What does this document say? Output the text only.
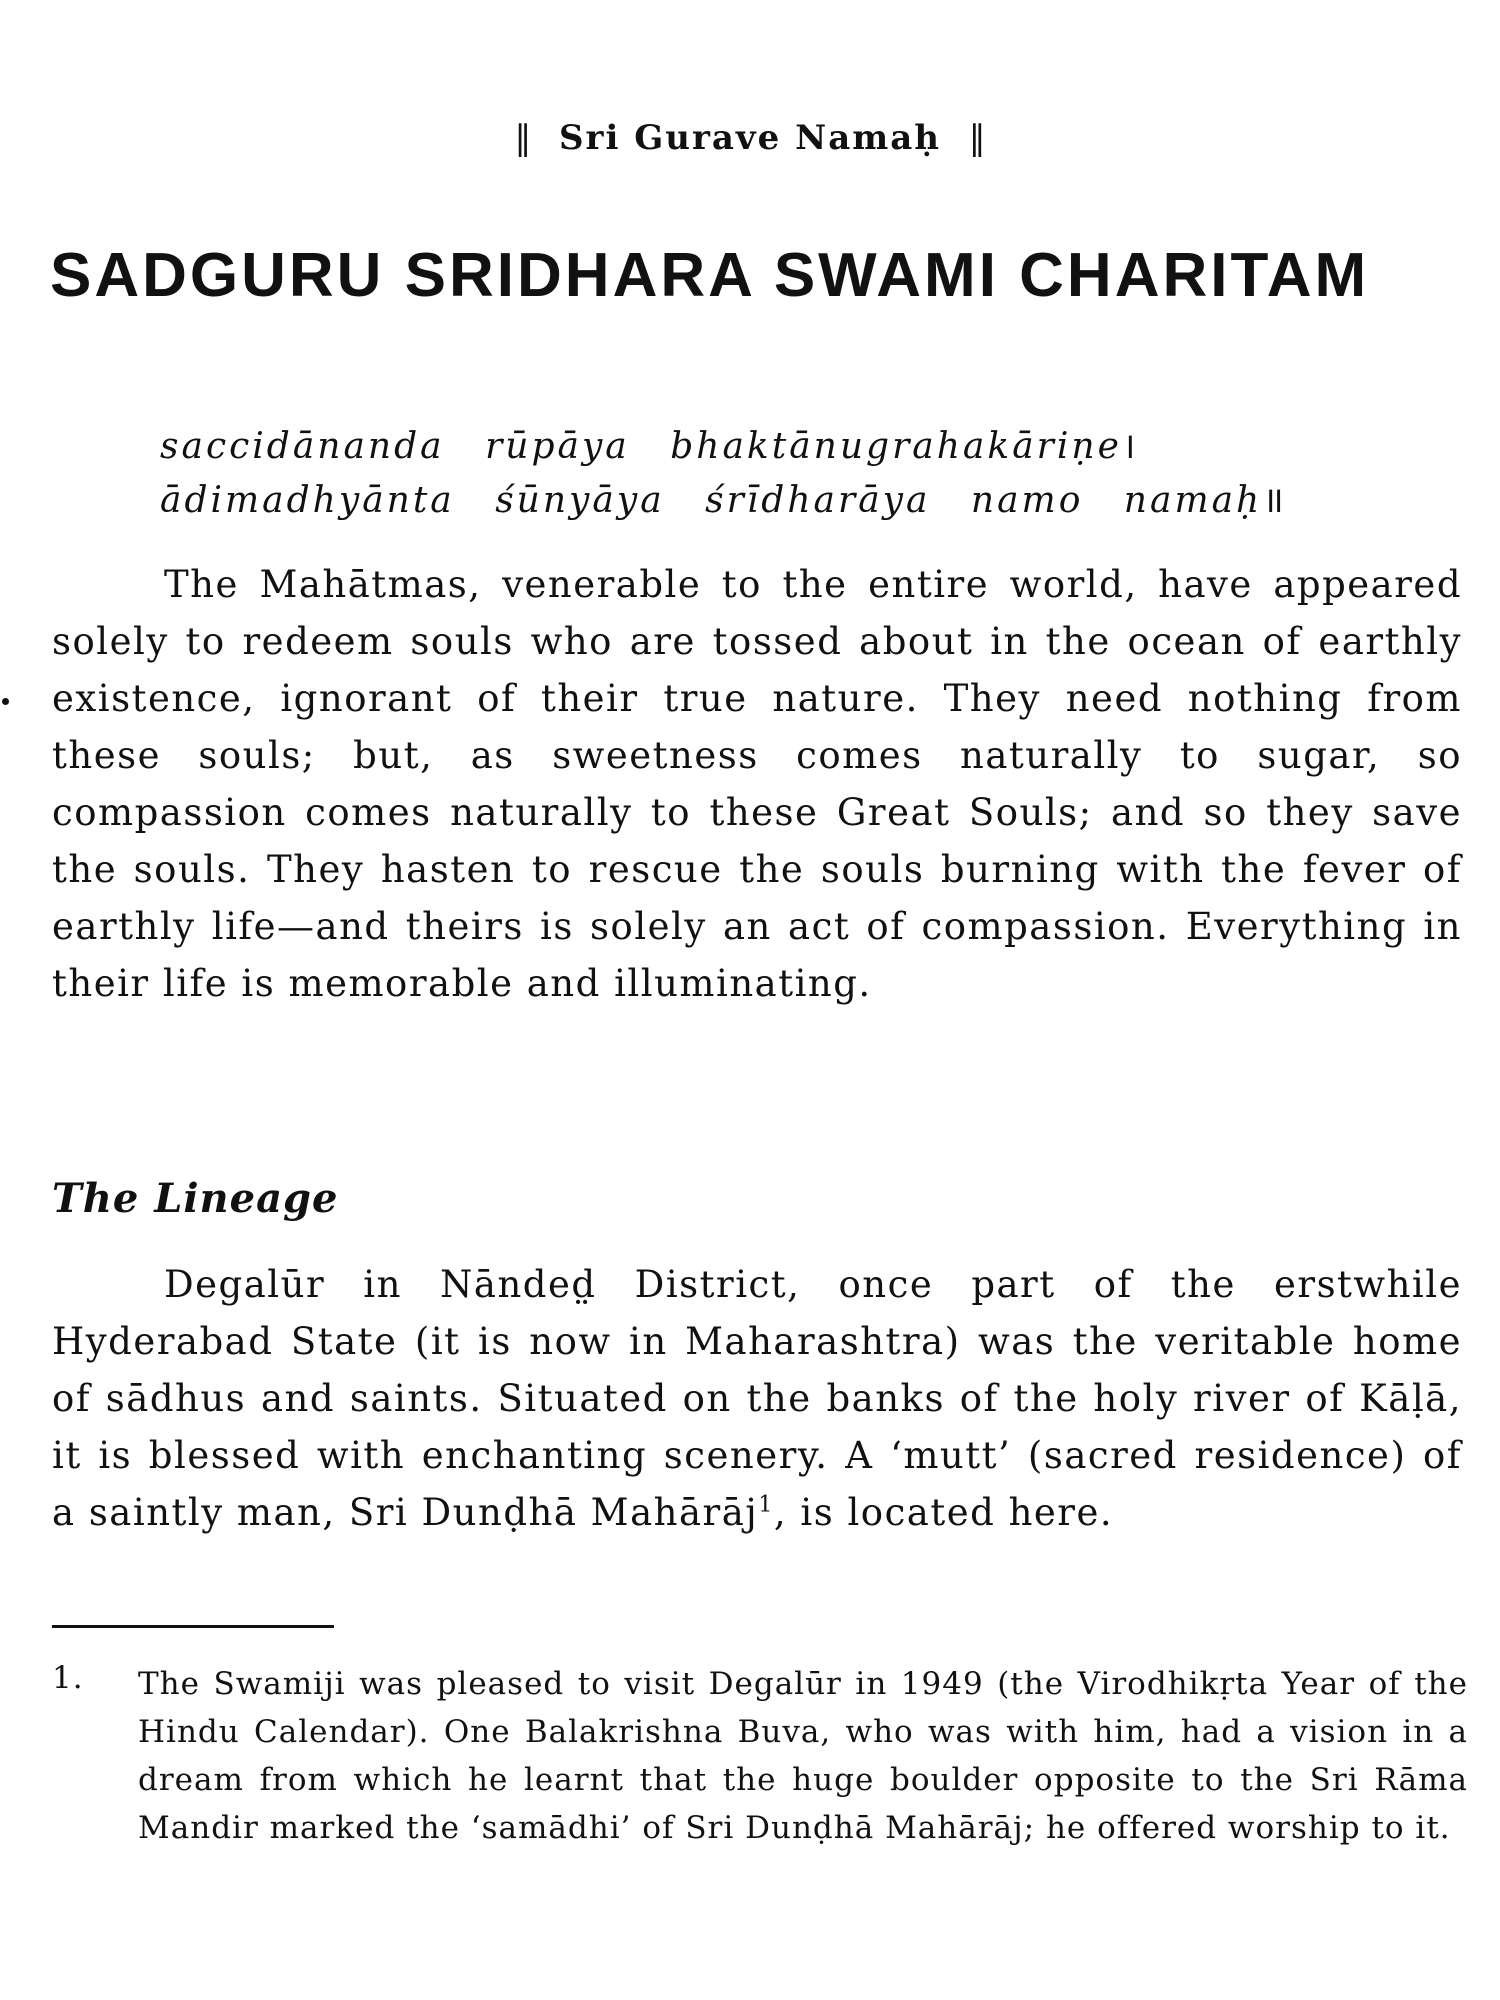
‖ Sri Gurave Namaḥ ‖
SADGURU SRIDHARA SWAMI CHARITAM
saccidānanda rūpāya bhaktānugrahakāriṇe।
ādimadhyānta śūnyāya śrīdharāya namo namaḥ॥

The Mahātmas, venerable to the entire world, have appeared solely to redeem souls who are tossed about in the ocean of earthly existence, ignorant of their true nature. They need nothing from these souls; but, as sweetness comes naturally to sugar, so compassion comes naturally to these Great Souls; and so they save the souls. They hasten to rescue the souls burning with the fever of earthly life—and theirs is solely an act of compassion. Everything in their life is memorable and illuminating.

The Lineage

Degalūr in Nānded̤ District, once part of the erstwhile Hyderabad State (it is now in Maharashtra) was the veritable home of sādhus and saints. Situated on the banks of the holy river of Kāḷā, it is blessed with enchanting scenery. A ‘mutt’ (sacred residence) of a saintly man, Sri Dunḍhā Mahārāj$^1$, is located here.

1. The Swamiji was pleased to visit Degalūr in 1949 (the Virodhikṛta Year of the Hindu Calendar). One Balakrishna Buva, who was with him, had a vision in a dream from which he learnt that the huge boulder opposite to the Sri Rāma Mandir marked the ‘samādhi’ of Sri Dunḍhā Mahārāj; he offered worship to it.
